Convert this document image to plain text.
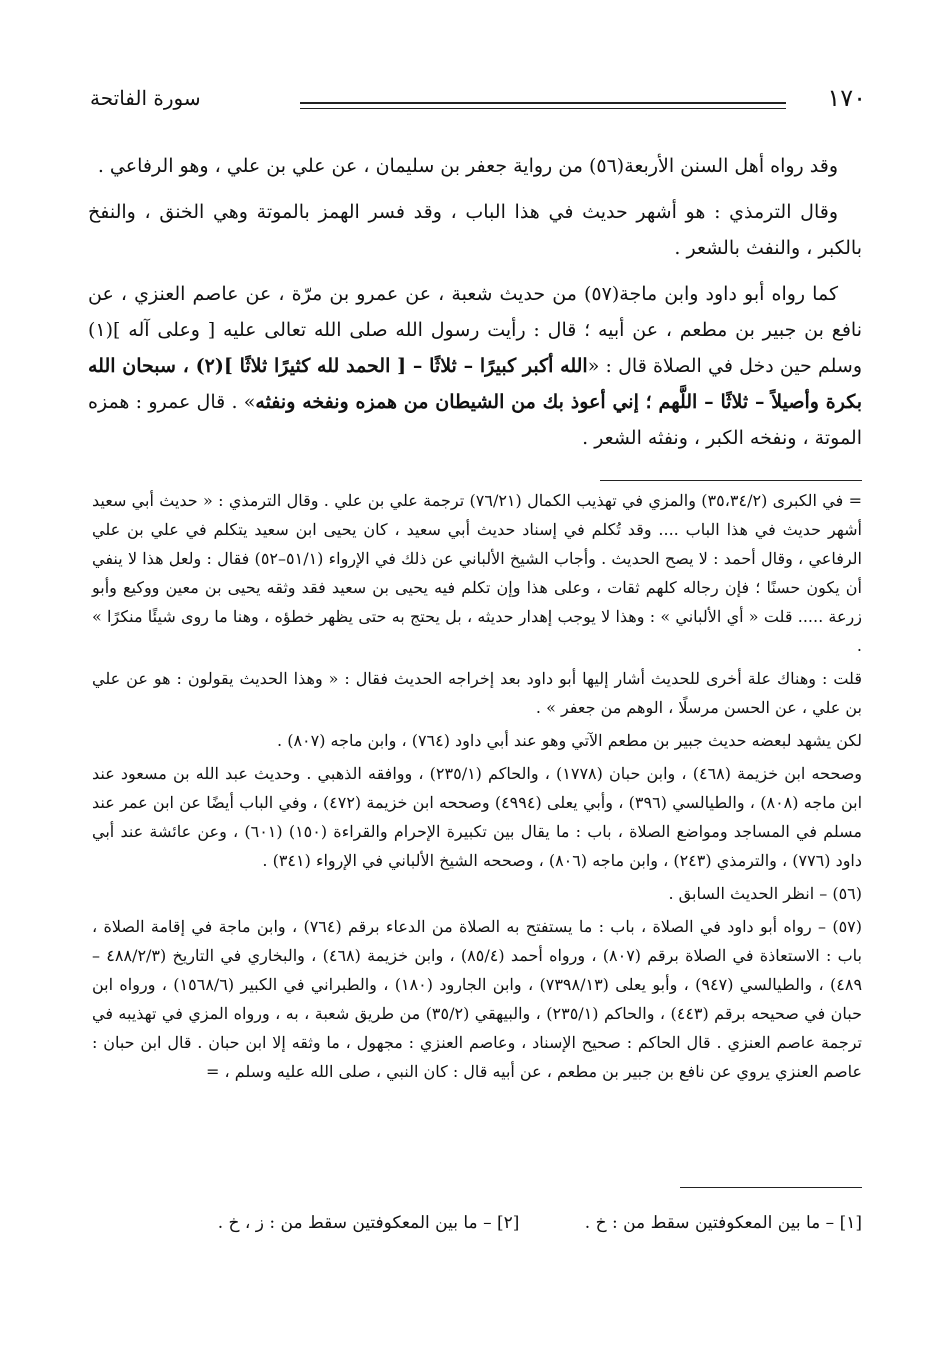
١٧٠
سورة الفاتحة

وقد رواه أهل السنن الأربعة(٥٦) من رواية جعفر بن سليمان ، عن علي بن علي ، وهو الرفاعي .

وقال الترمذي : هو أشهر حديث في هذا الباب ، وقد فسر الهمز بالموتة وهي الخنق ، والنفخ بالكبر ، والنفث بالشعر .

كما رواه أبو داود وابن ماجة(٥٧) من حديث شعبة ، عن عمرو بن مرّة ، عن عاصم العنزي ، عن نافع بن جبير بن مطعم ، عن أبيه ؛ قال : رأيت رسول الله صلى الله تعالى عليه [ وعلى آله ](١) وسلم حين دخل في الصلاة قال : «الله أكبر كبيرًا – ثلاثًا – [ الحمد لله كثيرًا ثلاثًا ](٢) ، سبحان الله بكرة وأصيلاً – ثلاثًا – اللَّهم ؛ إني أعوذ بك من الشيطان من همزه ونفخه ونفثه» . قال عمرو : همزه الموتة ، ونفخه الكبر ، ونفثه الشعر .

= في الكبرى (٣٥،٣٤/٢) والمزي في تهذيب الكمال (٧٦/٢١) ترجمة علي بن علي . وقال الترمذي : « حديث أبي سعيد أشهر حديث في هذا الباب .... وقد تُكلم في إسناد حديث أبي سعيد ، كان يحيى ابن سعيد يتكلم في علي بن علي الرفاعي ، وقال أحمد : لا يصح الحديث . وأجاب الشيخ الألباني عن ذلك في الإرواء (٥١/١–٥٢) فقال : ولعل هذا لا ينفي أن يكون حسنًا ؛ فإن رجاله كلهم ثقات ، وعلى هذا وإن تكلم فيه يحيى بن سعيد فقد وثقه يحيى بن معين ووكيع وأبو زرعة ..... قلت « أي الألباني » : وهذا لا يوجب إهدار حديثه ، بل يحتج به حتى يظهر خطؤه ، وهنا ما روى شيئًا منكرًا » .

قلت : وهناك علة أخرى للحديث أشار إليها أبو داود بعد إخراجه الحديث فقال : « وهذا الحديث يقولون : هو عن علي بن علي ، عن الحسن مرسلًا ، الوهم من جعفر » .

لكن يشهد لبعضه حديث جبير بن مطعم الآتي وهو عند أبي داود (٧٦٤) ، وابن ماجه (٨٠٧) .

وصححه ابن خزيمة (٤٦٨) ، وابن حبان (١٧٧٨) ، والحاكم (٢٣٥/١) ، ووافقه الذهبي . وحديث عبد الله بن مسعود عند ابن ماجه (٨٠٨) ، والطيالسي (٣٩٦) ، وأبي يعلى (٤٩٩٤) وصححه ابن خزيمة (٤٧٢) ، وفي الباب أيضًا عن ابن عمر عند مسلم في المساجد ومواضع الصلاة ، باب : ما يقال بين تكبيرة الإحرام والقراءة (١٥٠) (٦٠١) ، وعن عائشة عند أبي داود (٧٧٦) ، والترمذي (٢٤٣) ، وابن ماجه (٨٠٦) ، وصححه الشيخ الألباني في الإرواء (٣٤١) .

(٥٦) – انظر الحديث السابق .

(٥٧) – رواه أبو داود في الصلاة ، باب : ما يستفتح به الصلاة من الدعاء برقم (٧٦٤) ، وابن ماجة في إقامة الصلاة ، باب : الاستعاذة في الصلاة برقم (٨٠٧) ، ورواه أحمد (٨٥/٤) ، وابن خزيمة (٤٦٨) ، والبخاري في التاريخ (٤٨٨/٢/٣ – ٤٨٩) ، والطيالسي (٩٤٧) ، وأبو يعلى (٧٣٩٨/١٣) ، وابن الجارود (١٨٠) ، والطبراني في الكبير (١٥٦٨/٦) ، ورواه ابن حبان في صحيحه برقم (٤٤٣) ، والحاكم (٢٣٥/١) ، والبيهقي (٣٥/٢) من طريق شعبة ، به ، ورواه المزي في تهذيبه في ترجمة عاصم العنزي . قال الحاكم : صحيح الإسناد ، وعاصم العنزي : مجهول ، ما وثقه إلا ابن حبان . قال ابن حبان : عاصم العنزي يروي عن نافع بن جبير بن مطعم ، عن أبيه قال : كان النبي ، صلى الله عليه وسلم ، =

[١] – ما بين المعكوفتين سقط من : خ . [٢] – ما بين المعكوفتين سقط من : ز ، خ .
